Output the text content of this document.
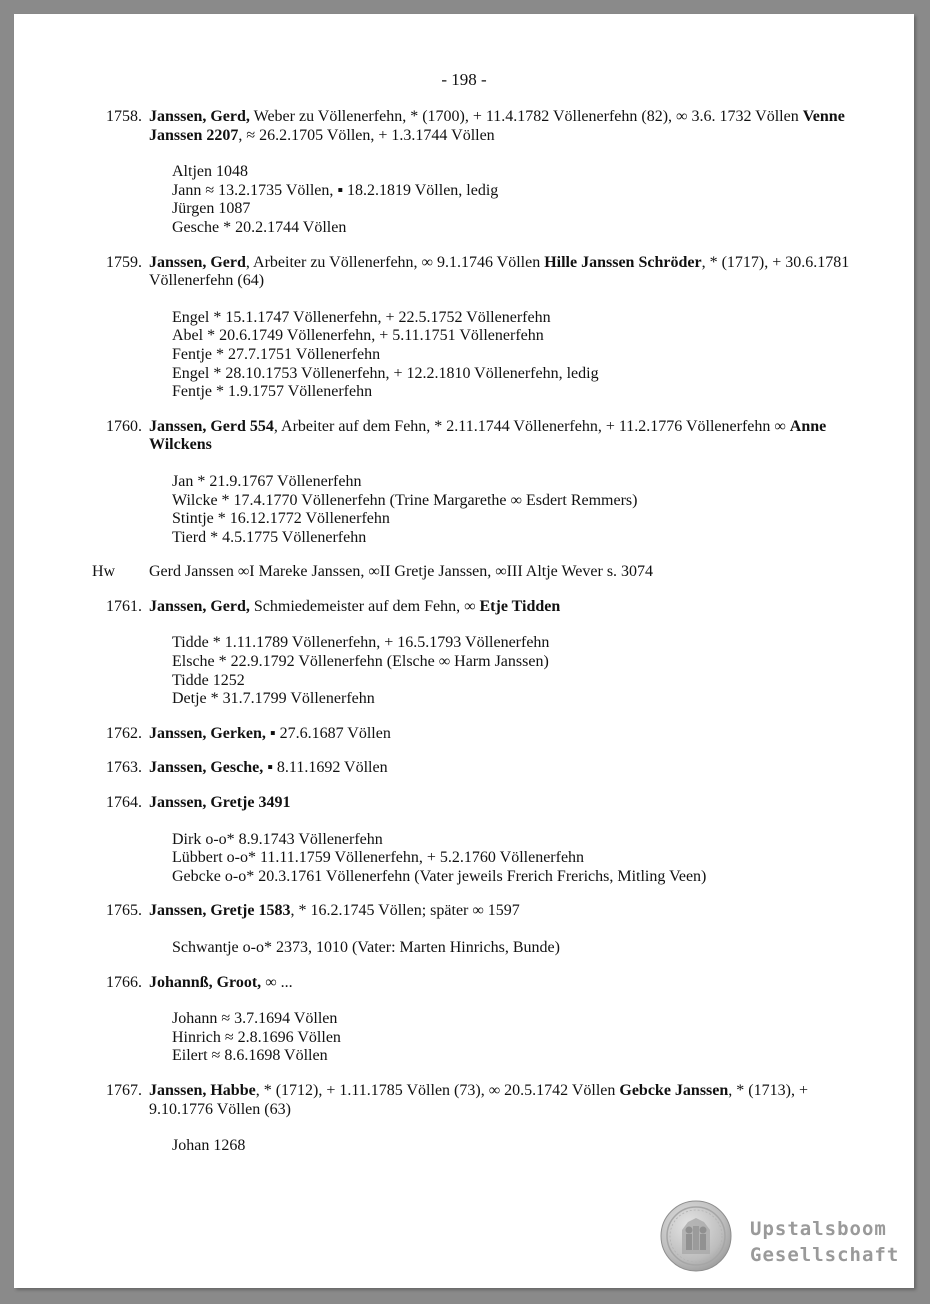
- 198 -
1758. Janssen, Gerd, Weber zu Völlenerfehn, * (1700), + 11.4.1782 Völlenerfehn (82), ∞ 3.6. 1732 Völlen Venne Janssen 2207, ≈ 26.2.1705 Völlen, + 1.3.1744 Völlen
Altjen 1048
Jann ≈ 13.2.1735 Völlen, ▪ 18.2.1819 Völlen, ledig
Jürgen 1087
Gesche * 20.2.1744 Völlen
1759. Janssen, Gerd, Arbeiter zu Völlenerfehn, ∞ 9.1.1746 Völlen Hille Janssen Schröder, * (1717), + 30.6.1781 Völlenerfehn (64)
Engel * 15.1.1747 Völlenerfehn, + 22.5.1752 Völlenerfehn
Abel * 20.6.1749 Völlenerfehn, + 5.11.1751 Völlenerfehn
Fentje * 27.7.1751 Völlenerfehn
Engel * 28.10.1753 Völlenerfehn, + 12.2.1810 Völlenerfehn, ledig
Fentje * 1.9.1757 Völlenerfehn
1760. Janssen, Gerd 554, Arbeiter auf dem Fehn, * 2.11.1744 Völlenerfehn, + 11.2.1776 Völlenerfehn ∞ Anne Wilckens
Jan * 21.9.1767 Völlenerfehn
Wilcke * 17.4.1770 Völlenerfehn (Trine Margarethe ∞ Esdert Remmers)
Stintje * 16.12.1772 Völlenerfehn
Tierd * 4.5.1775 Völlenerfehn
Hw	Gerd Janssen ∞I Mareke Janssen, ∞II Gretje Janssen, ∞III Altje Wever s. 3074
1761. Janssen, Gerd, Schmiedemeister auf dem Fehn, ∞ Etje Tidden
Tidde * 1.11.1789 Völlenerfehn, + 16.5.1793 Völlenerfehn
Elsche * 22.9.1792 Völlenerfehn (Elsche ∞ Harm Janssen)
Tidde 1252
Detje * 31.7.1799 Völlenerfehn
1762. Janssen, Gerken, ▪ 27.6.1687 Völlen
1763. Janssen, Gesche, ▪ 8.11.1692 Völlen
1764. Janssen, Gretje 3491
Dirk o-o* 8.9.1743 Völlenerfehn
Lübbert o-o* 11.11.1759 Völlenerfehn, + 5.2.1760 Völlenerfehn
Gebcke o-o* 20.3.1761 Völlenerfehn (Vater jeweils Frerich Frerichs, Mitling Veen)
1765. Janssen, Gretje 1583, * 16.2.1745 Völlen; später ∞ 1597
Schwantje o-o* 2373, 1010 (Vater: Marten Hinrichs, Bunde)
1766. Johannß, Groot, ∞ ...
Johann ≈ 3.7.1694 Völlen
Hinrich ≈ 2.8.1696 Völlen
Eilert ≈ 8.6.1698 Völlen
1767. Janssen, Habbe, * (1712), + 1.11.1785 Völlen (73), ∞ 20.5.1742 Völlen Gebcke Janssen, * (1713), + 9.10.1776 Völlen (63)
Johan 1268
Upstalsboom
Gesellschaft
